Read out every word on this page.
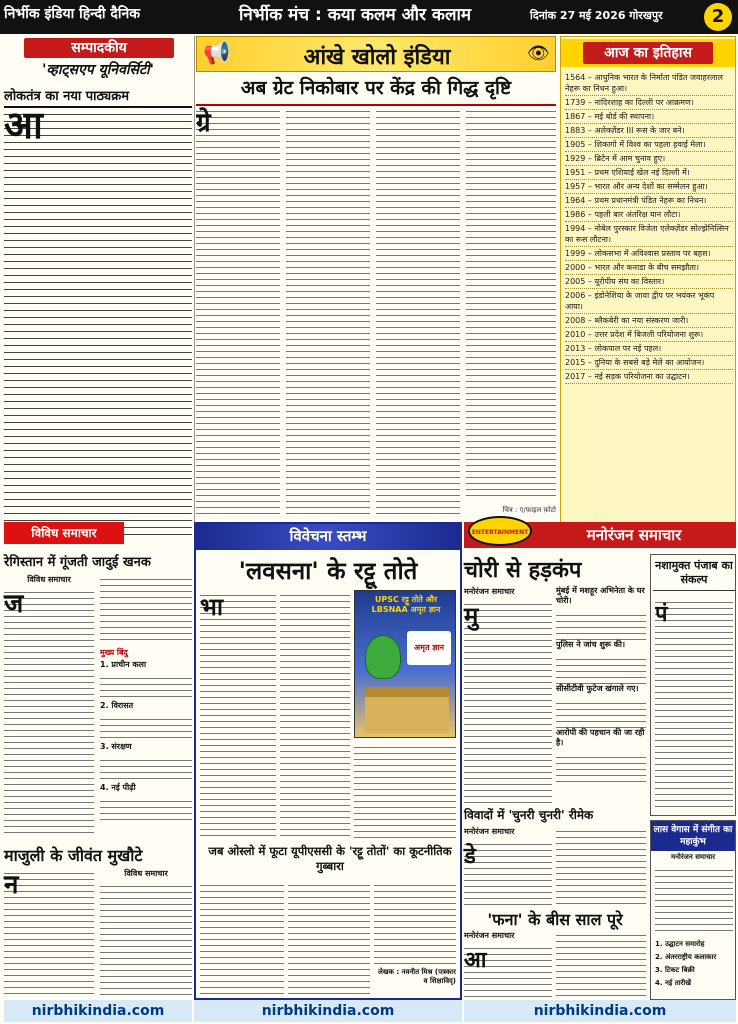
निर्भीक इंडिया हिन्दी दैनिक	निर्भीक मंच : कया कलम और कलाम	दिनांक 27 मई 2026 गोरखपुर	2
सम्पादकीय
'व्हाट्सएप यूनिवर्सिटी'
लोकतंत्र का नया पाठ्यक्रम
आ
📢	आंखे खोलो इंडिया	👁
अब ग्रेट निकोबार पर केंद्र की गिद्ध दृष्टि
ग्रे
चित्र : ए/फ़ाइल फ़ोटो
आज का इतिहास
1564 – आधुनिक भारत के निर्माता पंडित जवाहरलाल नेहरू का निधन हुआ।
1739 – नादिरशाह का दिल्ली पर आक्रमण।
1867 – मई बोर्ड की स्थापना।
1883 – अलेक्ज़ेंडर III रूस के जार बने।
1905 – शिकागो में विश्व का पहला हवाई मेला।
1929 – ब्रिटेन में आम चुनाव हुए।
1951 – प्रथम एशियाई खेल नई दिल्ली में।
1957 – भारत और अन्य देशों का सम्मेलन हुआ।
1964 – प्रथम प्रधानमंत्री पंडित नेहरू का निधन।
1986 – पहली बार अंतरिक्ष यान लौटा।
1994 – नोबेल पुरस्कार विजेता एलेक्ज़ेंडर सोल्झेनित्सिन का रूस लौटना।
1999 – लोकसभा में अविश्वास प्रस्ताव पर बहस।
2000 – भारत और कनाडा के बीच समझौता।
2005 – यूरोपीय संघ का विस्तार।
2006 – इंडोनेशिया के जावा द्वीप पर भयंकर भूकंप आया।
2008 – ब्लैकबेरी का नया संस्करण जारी।
2010 – उत्तर प्रदेश में बिजली परियोजना शुरू।
2013 – लोकपाल पर नई पहल।
2015 – दुनिया के सबसे बड़े मेले का आयोजन।
2017 – नई सड़क परियोजना का उद्घाटन।
विविध समाचार
रेगिस्तान में गूंजती जादुई खनक
विविध समाचार
ज
मुख्य बिंदु
1. प्राचीन कला
2. विरासत
3. संरक्षण
4. नई पीढ़ी
माजुली के जीवंत मुखौटे
न	विविध समाचार
विवेचना स्तम्भ
'लवसना' के रट्टू तोते
भा	UPSC रट्टू तोते और LBSNAA अमृत ज्ञान
अमृत ज्ञान
जब ओस्लो में फूटा यूपीएससी के 'रट्टू तोतों' का कूटनीतिक गुब्बारा
लेखक : नवनीत मिश्र (पत्रकार व शिक्षाविद्)
ENTERTAINMENT	मनोरंजन समाचार
चोरी से हड़कंप
मनोरंजन समाचार
मु
मुंबई में मशहूर अभिनेता के घर चोरी।
पुलिस ने जांच शुरू की।
सीसीटीवी फुटेज खंगाले गए।
आरोपी की पहचान की जा रही है।
विवादों में 'चुनरी चुनरी' रीमेक
मनोरंजन समाचार
डे
'फना' के बीस साल पूरे
मनोरंजन समाचार
आ
नशामुक्त पंजाब का संकल्प
पं
लास वेगास में संगीत का महाकुंभ
मनोरंजन समाचार
1. उद्घाटन समारोह
2. अंतरराष्ट्रीय कलाकार
3. टिकट बिक्री
4. नई तारीखें
nirbhikindia.com	nirbhikindia.com	nirbhikindia.com
